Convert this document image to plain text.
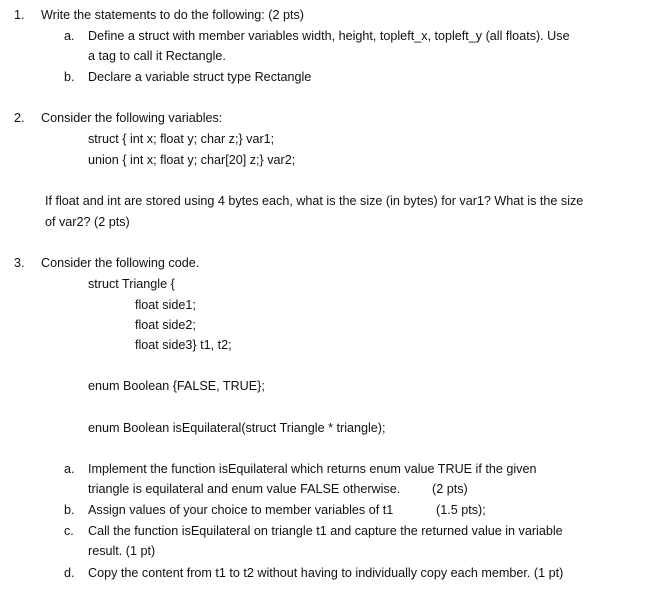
1. Write the statements to do the following: (2 pts)
a. Define a struct with member variables width, height, topleft_x, topleft_y (all floats). Use
a tag to call it Rectangle.
b. Declare a variable struct type Rectangle
2. Consider the following variables:
struct { int x; float y; char z;} var1;
union { int x; float y; char[20] z;} var2;
If float and int are stored using 4 bytes each, what is the size (in bytes) for var1? What is the size
of var2? (2 pts)
3. Consider the following code.
struct Triangle {
float side1;
float side2;
float side3} t1, t2;
enum Boolean {FALSE, TRUE};
enum Boolean isEquilateral(struct Triangle * triangle);
a. Implement the function isEquilateral which returns enum value TRUE if the given
triangle is equilateral and enum value FALSE otherwise.	(2 pts)
b. Assign values of your choice to member variables of t1	(1.5 pts);
c. Call the function isEquilateral on triangle t1 and capture the returned value in variable
result. (1 pt)
d. Copy the content from t1 to t2 without having to individually copy each member. (1 pt)
